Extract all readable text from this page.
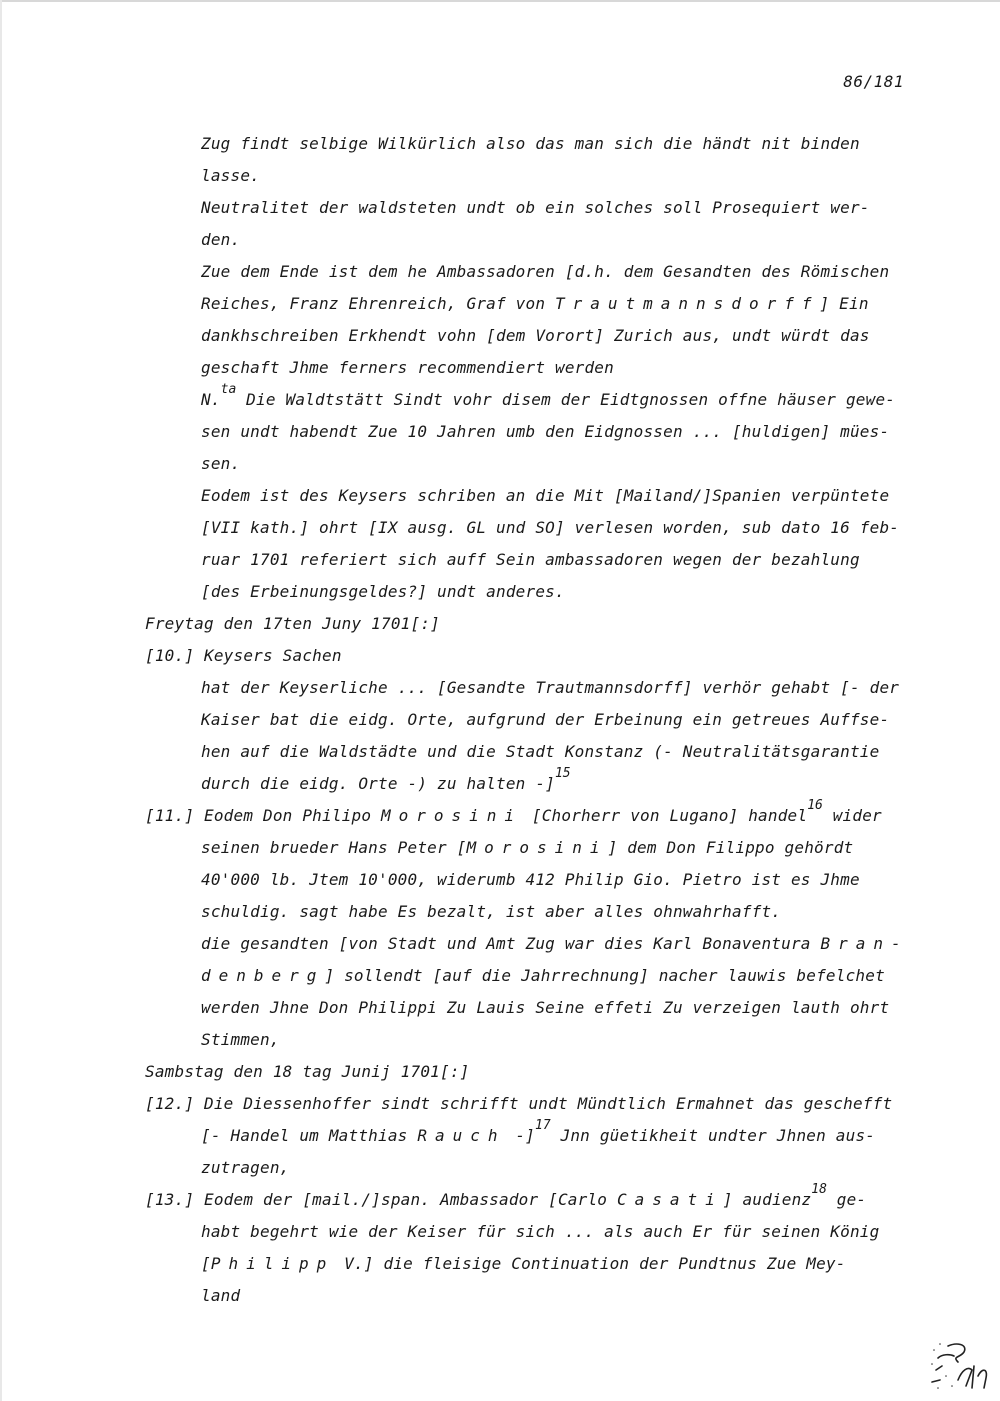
86/181
Zug findt selbige Wilkürlich also das man sich die händt nit binden
lasse.
Neutralitet der waldsteten undt ob ein solches soll Prosequiert wer-
den.
Zue dem Ende ist dem he Ambassadoren [d.h. dem Gesandten des Römischen
Reiches, Franz Ehrenreich, Graf von Trautmannsdorff] Ein
dankhschreiben Erkhendt vohn [dem Vorort] Zurich aus, undt würdt das
geschaft Jhme ferners recommendiert werden
N.$^{ta}$ Die Waldtstätt Sindt vohr disem der Eidtgnossen offne häuser gewe-
sen undt habendt Zue 10 Jahren umb den Eidgnossen ... [huldigen] mües-
sen.
Eodem ist des Keysers schriben an die Mit [Mailand/]Spanien verpüntete
[VII kath.] ohrt [IX ausg. GL und SO] verlesen worden, sub dato 16 feb-
ruar 1701 referiert sich auff Sein ambassadoren wegen der bezahlung
[des Erbeinungsgeldes?] undt anderes.
Freytag den 17ten Juny 1701[:]
[10.] Keysers Sachen
hat der Keyserliche ... [Gesandte Trautmannsdorff] verhör gehabt [- der
Kaiser bat die eidg. Orte, aufgrund der Erbeinung ein getreues Auffse-
hen auf die Waldstädte und die Stadt Konstanz (- Neutralitätsgarantie
durch die eidg. Orte -) zu halten -]$^{15}$
[11.] Eodem Don Philipo Morosini [Chorherr von Lugano] handel$^{16}$ wider
seinen brueder Hans Peter [Morosini] dem Don Filippo gehördt
40'000 lb. Jtem 10'000, widerumb 412 Philip Gio. Pietro ist es Jhme
schuldig. sagt habe Es bezalt, ist aber alles ohnwahrhafft.
die gesandten [von Stadt und Amt Zug war dies Karl Bonaventura Bran-
denberg] sollendt [auf die Jahrrechnung] nacher lauwis befelchet
werden Jhne Don Philippi Zu Lauis Seine effeti Zu verzeigen lauth ohrt
Stimmen,
Sambstag den 18 tag Junij 1701[:]
[12.] Die Diessenhoffer sindt schrifft undt Mündtlich Ermahnet das geschefft
[- Handel um Matthias Rauch -]$^{17}$ Jnn güetikheit undter Jhnen aus-
zutragen,
[13.] Eodem der [mail./]span. Ambassador [Carlo Casati] audienz$^{18}$ ge-
habt begehrt wie der Keiser für sich ... als auch Er für seinen König
[Philipp V.] die fleisige Continuation der Pundtnus Zue Mey-
land
